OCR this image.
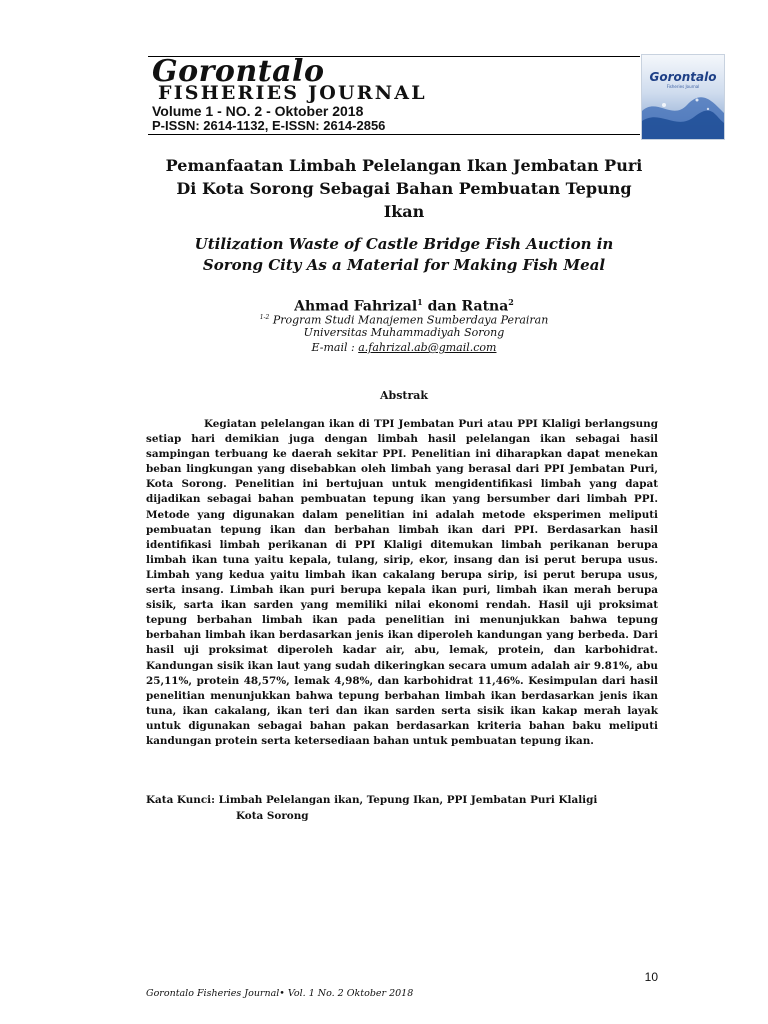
Gorontalo
FISHERIES JOURNAL
Volume 1 - NO. 2 - Oktober 2018
P-ISSN: 2614-1132, E-ISSN: 2614-2856
Gorontalo
Fisheries Journal
Pemanfaatan Limbah Pelelangan Ikan Jembatan Puri
Di Kota Sorong Sebagai Bahan Pembuatan Tepung
Ikan
Utilization Waste of Castle Bridge Fish Auction in
Sorong City As a Material for Making Fish Meal
Ahmad Fahrizal$^1$ dan Ratna$^2$
$^{1-2}$ Program Studi Manajemen Sumberdaya Perairan
Universitas Muhammadiyah Sorong
E-mail : a.fahrizal.ab@gmail.com
Abstrak

Kegiatan pelelangan ikan di TPI Jembatan Puri atau PPI Klaligi berlangsung setiap hari demikian juga dengan limbah hasil pelelangan ikan sebagai hasil sampingan terbuang ke daerah sekitar PPI. Penelitian ini diharapkan dapat menekan beban lingkungan yang disebabkan oleh limbah yang berasal dari PPI Jembatan Puri, Kota Sorong. Penelitian ini bertujuan untuk mengidentifikasi limbah yang dapat dijadikan sebagai bahan pembuatan tepung ikan yang bersumber dari limbah PPI. Metode yang digunakan dalam penelitian ini adalah metode eksperimen meliputi pembuatan tepung ikan dan berbahan limbah ikan dari PPI. Berdasarkan hasil identifikasi limbah perikanan di PPI Klaligi ditemukan limbah perikanan berupa limbah ikan tuna yaitu kepala, tulang, sirip, ekor, insang dan isi perut berupa usus. Limbah yang kedua yaitu limbah ikan cakalang berupa sirip, isi perut berupa usus, serta insang. Limbah ikan puri berupa kepala ikan puri, limbah ikan merah berupa sisik, sarta ikan sarden yang memiliki nilai ekonomi rendah. Hasil uji proksimat tepung berbahan limbah ikan pada penelitian ini menunjukkan bahwa tepung berbahan limbah ikan berdasarkan jenis ikan diperoleh kandungan yang berbeda. Dari hasil uji proksimat diperoleh kadar air, abu, lemak, protein, dan karbohidrat. Kandungan sisik ikan laut yang sudah dikeringkan secara umum adalah air 9.81%, abu 25,11%, protein 48,57%, lemak 4,98%, dan karbohidrat 11,46%. Kesimpulan dari hasil penelitian menunjukkan bahwa tepung berbahan limbah ikan berdasarkan jenis ikan tuna, ikan cakalang, ikan teri dan ikan sarden serta sisik ikan kakap merah layak untuk digunakan sebagai bahan pakan berdasarkan kriteria bahan baku meliputi kandungan protein serta ketersediaan bahan untuk pembuatan tepung ikan.

Kata Kunci: Limbah Pelelangan ikan, Tepung Ikan, PPI Jembatan Puri Klaligi
Kota Sorong
10
Gorontalo Fisheries Journal• Vol. 1 No. 2 Oktober 2018
